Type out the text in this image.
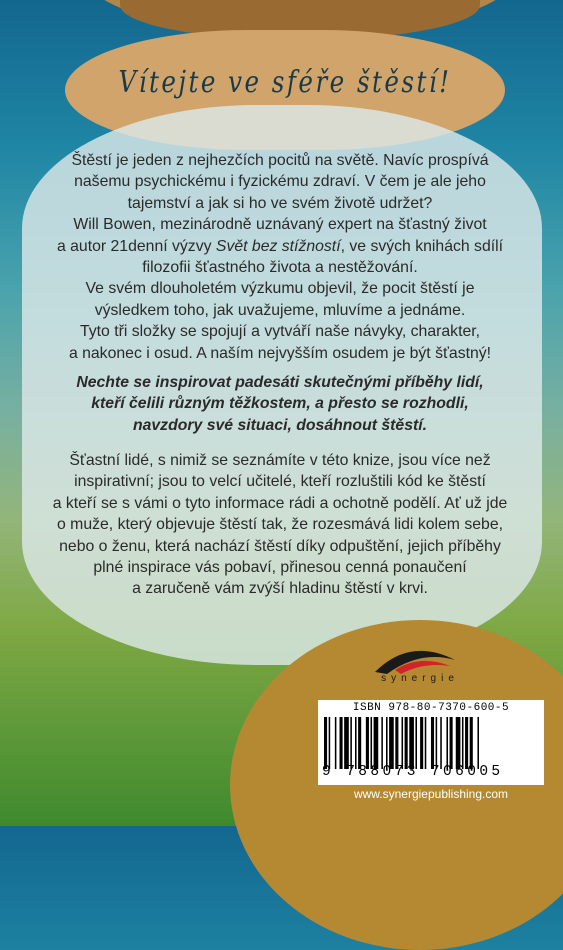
Vítejte ve sféře štěstí!
Štěstí je jeden z nejhezčích pocitů na světě. Navíc prospívá
našemu psychickému i fyzickému zdraví. V čem je ale jeho
tajemství a jak si ho ve svém životě udržet?
Will Bowen, mezinárodně uznávaný expert na šťastný život
a autor 21denní výzvy Svět bez stížností, ve svých knihách sdílí
filozofii šťastného života a nestěžování.
Ve svém dlouholetém výzkumu objevil, že pocit štěstí je
výsledkem toho, jak uvažujeme, mluvíme a jednáme.
Tyto tři složky se spojují a vytváří naše návyky, charakter,
a nakonec i osud. A naším nejvyšším osudem je být šťastný!
Nechte se inspirovat padesáti skutečnými příběhy lidí,
kteří čelili různým těžkostem, a přesto se rozhodli,
navzdory své situaci, dosáhnout štěstí.
Šťastní lidé, s nimiž se seznámíte v této knize, jsou více než
inspirativní; jsou to velcí učitelé, kteří rozluštili kód ke štěstí
a kteří se s vámi o tyto informace rádi a ochotně podělí. Ať už jde
o muže, který objevuje štěstí tak, že rozesmává lidi kolem sebe,
nebo o ženu, která nachází štěstí díky odpuštění, jejich příběhy
plné inspirace vás pobaví, přinesou cenná ponaučení
a zaručeně vám zvýší hladinu štěstí v krvi.
synergie
ISBN 978-80-7370-600-5
9 788073 706005
www.synergiepublishing.com
